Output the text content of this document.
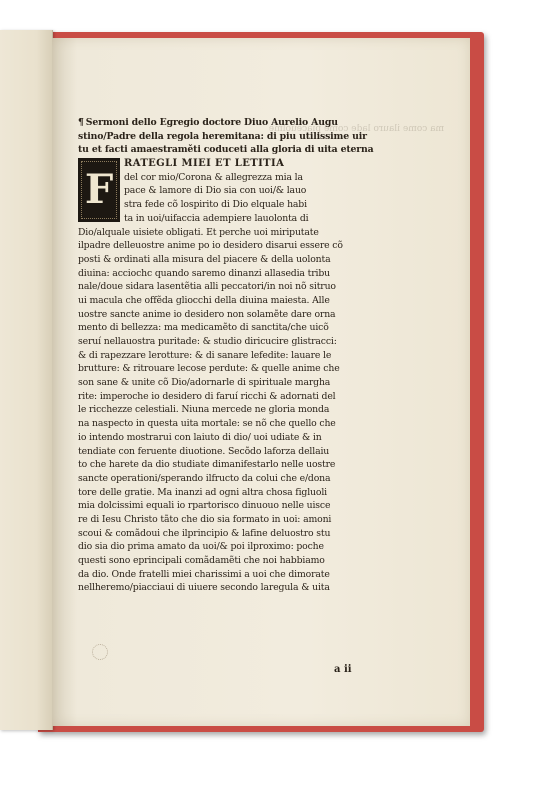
ma come ilauro lade come piaceuolme
¶ Sermoni dello Egregio doctore Diuo Aurelio Augu
stino/Padre della regola heremitana: di piu utilissime uir
tu et facti amaestraměti coduceti alla gloria di uita eterna
F
RATEGLI MIEI ET LETITIA
del cor mio/Corona & allegrezza mia la
pace & lamore di Dio sia con uoi/& lauo
stra fede cõ lospirito di Dio elquale habi
ta in uoi/uifaccia adempiere lauolonta di
Dio/alquale uisiete obligati. Et perche uoi miriputate
ilpadre delleuostre anime po io desidero disarui essere cõ
posti & ordinati alla misura del piacere & della uolonta
diuina: acciochc quando saremo dinanzi allasedia tribu
nale/doue sidara lasentẽtia alli peccatori/in noi nõ sitruo
ui macula che offẽda gliocchi della diuina maiesta. Alle
uostre sancte anime io desidero non solamẽte dare orna
mento di bellezza: ma medicamẽto di sanctita/che uicõ
seruí nellauostra puritade: & studio diricucire glistracci:
& di rapezzare lerotture: & di sanare lefedite: lauare le
brutture: & ritrouare lecose perdute: & quelle anime che
son sane & unite cõ Dio/adornarle di spirituale margha
rite: imperoche io desidero di faruí ricchi & adornati del
le ricchezze celestiali. Niuna mercede ne gloria monda
na naspecto in questa uita mortale: se nõ che quello che
io intendo mostrarui con laiuto di dio/ uoi udiate & in
tendiate con feruente diuotione. Secõdo laforza dellaiu
to che harete da dio studiate dimanifestarlo nelle uostre
sancte operationi/sperando ilfructo da colui che e/dona
tore delle gratie. Ma inanzi ad ogni altra chosa figluoli
mia dolcissimi equali io rpartorisco dinuouo nelle uisce
re di Iesu Christo tãto che dio sia formato in uoi: amoni
scoui & comãdoui che ilprincipio & lafine deluostro stu
dio sia dio prima amato da uoi/& poi ilproximo: poche
questi sono eprincipali comãdamẽti che noi habbiamo
da dio. Onde fratelli miei charissimi a uoi che dimorate
nellheremo/piacciaui di uiuere secondo laregula & uita
a ii
